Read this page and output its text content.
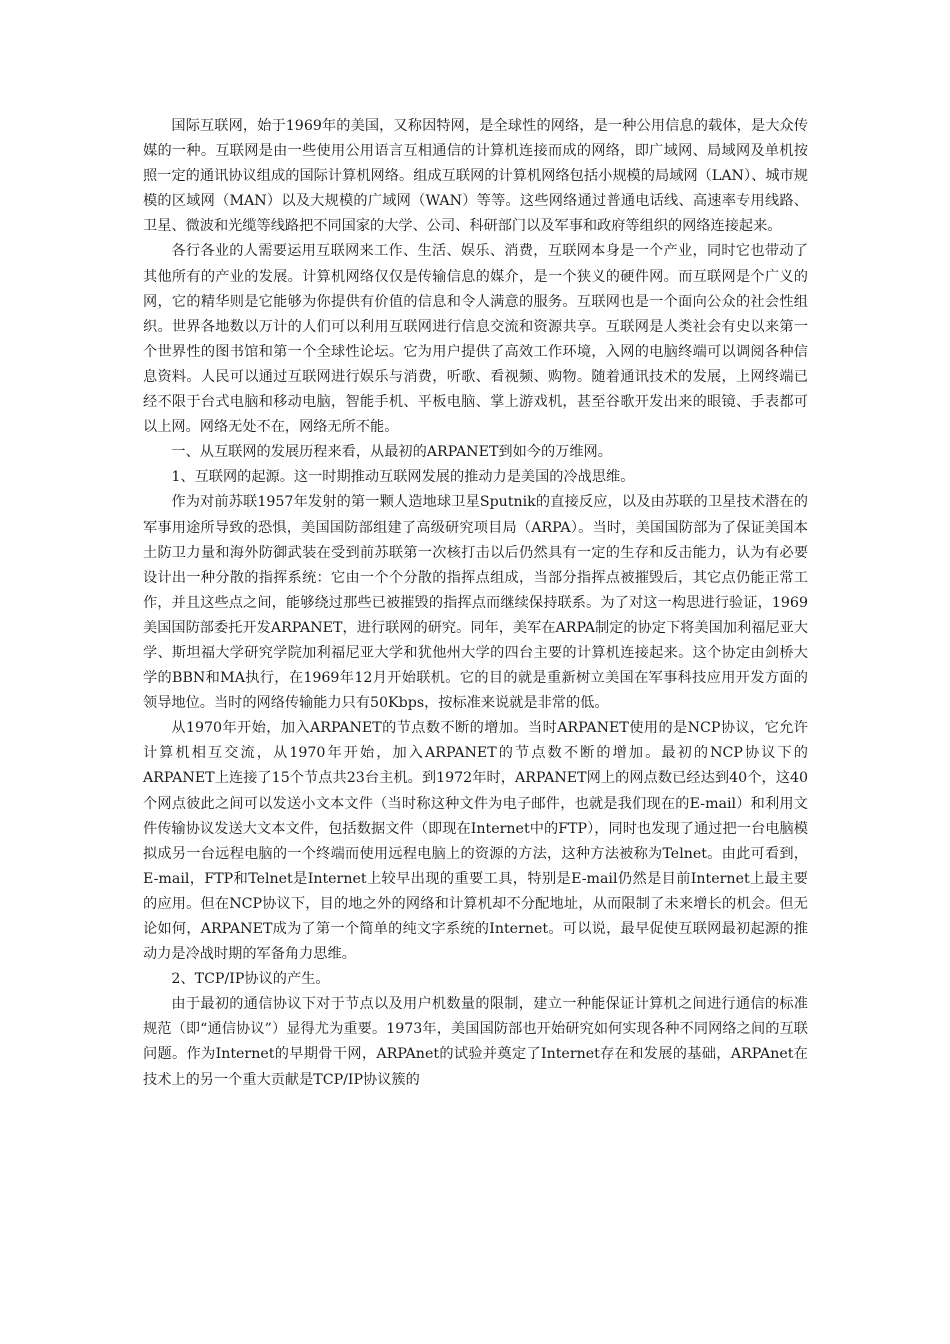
国际互联网，始于1969年的美国，又称因特网，是全球性的网络，是一种公用信息的载体，是大众传媒的一种。互联网是由一些使用公用语言互相通信的计算机连接而成的网络，即广域网、局域网及单机按照一定的通讯协议组成的国际计算机网络。组成互联网的计算机网络包括小规模的局域网（LAN）、城市规模的区域网（MAN）以及大规模的广域网（WAN）等等。这些网络通过普通电话线、高速率专用线路、卫星、微波和光缆等线路把不同国家的大学、公司、科研部门以及军事和政府等组织的网络连接起来。

各行各业的人需要运用互联网来工作、生活、娱乐、消费，互联网本身是一个产业，同时它也带动了其他所有的产业的发展。计算机网络仅仅是传输信息的媒介，是一个狭义的硬件网。而互联网是个广义的网，它的精华则是它能够为你提供有价值的信息和令人满意的服务。互联网也是一个面向公众的社会性组织。世界各地数以万计的人们可以利用互联网进行信息交流和资源共享。互联网是人类社会有史以来第一个世界性的图书馆和第一个全球性论坛。它为用户提供了高效工作环境，入网的电脑终端可以调阅各种信息资料。人民可以通过互联网进行娱乐与消费，听歌、看视频、购物。随着通讯技术的发展，上网终端已经不限于台式电脑和移动电脑，智能手机、平板电脑、掌上游戏机，甚至谷歌开发出来的眼镜、手表都可以上网。网络无处不在，网络无所不能。

一、从互联网的发展历程来看，从最初的ARPANET到如今的万维网。

1、互联网的起源。这一时期推动互联网发展的推动力是美国的冷战思维。

作为对前苏联1957年发射的第一颗人造地球卫星Sputnik的直接反应，以及由苏联的卫星技术潜在的军事用途所导致的恐惧，美国国防部组建了高级研究项目局（ARPA）。当时，美国国防部为了保证美国本土防卫力量和海外防御武装在受到前苏联第一次核打击以后仍然具有一定的生存和反击能力，认为有必要设计出一种分散的指挥系统：它由一个个分散的指挥点组成，当部分指挥点被摧毁后，其它点仍能正常工作，并且这些点之间，能够绕过那些已被摧毁的指挥点而继续保持联系。为了对这一构思进行验证，1969美国国防部委托开发ARPANET，进行联网的研究。同年，美军在ARPA制定的协定下将美国加利福尼亚大学、斯坦福大学研究学院加利福尼亚大学和犹他州大学的四台主要的计算机连接起来。这个协定由剑桥大学的BBN和MA执行，在1969年12月开始联机。它的目的就是重新树立美国在军事科技应用开发方面的领导地位。当时的网络传输能力只有50Kbps，按标准来说就是非常的低。

从1970年开始，加入ARPANET的节点数不断的增加。当时ARPANET使用的是NCP协议，它允许计算机相互交流，从1970年开始，加入ARPANET的节点数不断的增加。最初的NCP协议下的ARPANET上连接了15个节点共23台主机。到1972年时，ARPANET网上的网点数已经达到40个，这40个网点彼此之间可以发送小文本文件（当时称这种文件为电子邮件，也就是我们现在的E-mail）和利用文件传输协议发送大文本文件，包括数据文件（即现在Internet中的FTP），同时也发现了通过把一台电脑模拟成另一台远程电脑的一个终端而使用远程电脑上的资源的方法，这种方法被称为Telnet。由此可看到，E-mail，FTP和Telnet是Internet上较早出现的重要工具，特别是E-mail仍然是目前Internet上最主要的应用。但在NCP协议下，目的地之外的网络和计算机却不分配地址，从而限制了未来增长的机会。但无论如何，ARPANET成为了第一个简单的纯文字系统的Internet。可以说，最早促使互联网最初起源的推动力是冷战时期的军备角力思维。

2、TCP/IP协议的产生。

由于最初的通信协议下对于节点以及用户机数量的限制，建立一种能保证计算机之间进行通信的标准规范（即“通信协议”）显得尤为重要。1973年，美国国防部也开始研究如何实现各种不同网络之间的互联问题。作为Internet的早期骨干网，ARPAnet的试验并奠定了Internet存在和发展的基础，ARPAnet在技术上的另一个重大贡献是TCP/IP协议簇的
